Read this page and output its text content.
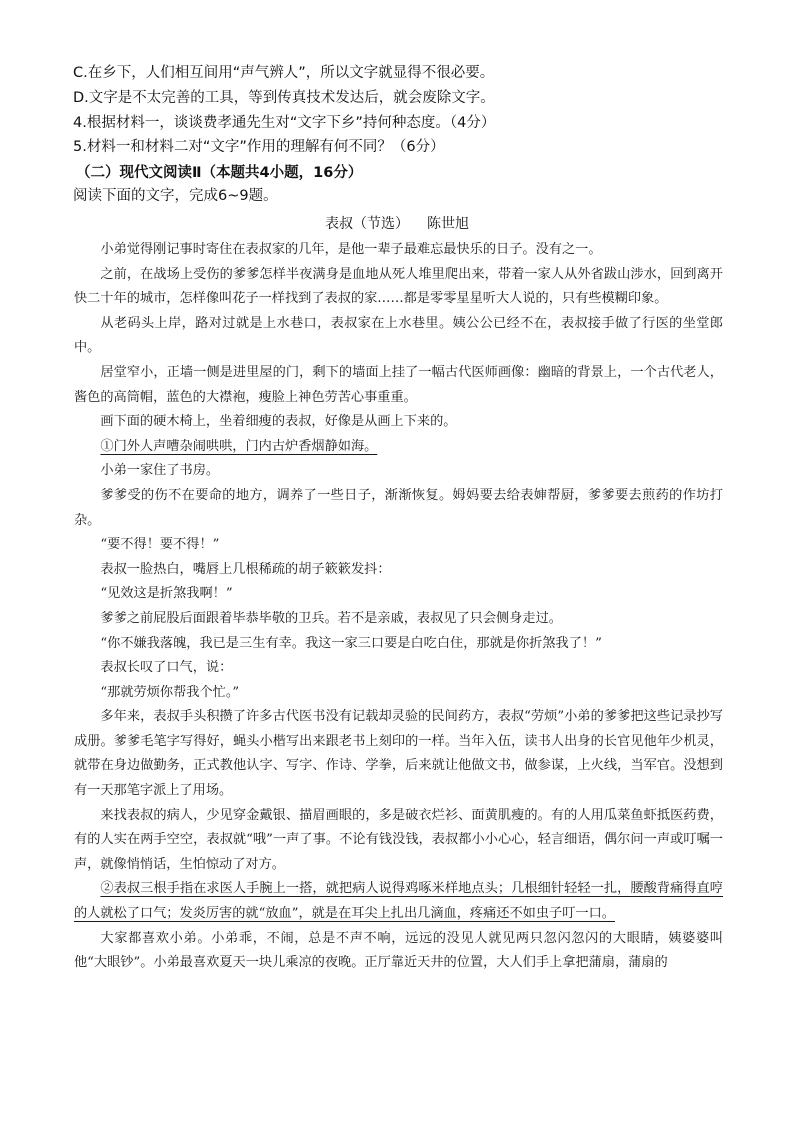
C.在乡下，人们相互间用“声气辨人”，所以文字就显得不很必要。
D.文字是不太完善的工具，等到传真技术发达后，就会废除文字。
4.根据材料一，谈谈费孝通先生对“文字下乡”持何种态度。（4分）
5.材料一和材料二对“文字”作用的理解有何不同？（6分）
（二）现代文阅读Ⅱ（本题共4小题，16分）
阅读下面的文字，完成6~9题。
表叔（节选） 陈世旭

小弟觉得刚记事时寄住在表叔家的几年，是他一辈子最难忘最快乐的日子。没有之一。

之前，在战场上受伤的爹爹怎样半夜满身是血地从死人堆里爬出来，带着一家人从外省跋山涉水，回到离开快二十年的城市，怎样像叫花子一样找到了表叔的家……都是零零星星听大人说的，只有些模糊印象。

从老码头上岸，路对过就是上水巷口，表叔家在上水巷里。姨公公已经不在，表叔接手做了行医的坐堂郎中。

居堂窄小，正墙一侧是进里屋的门，剩下的墙面上挂了一幅古代医师画像：幽暗的背景上，一个古代老人，酱色的高筒帽，蓝色的大襟袍，瘦脸上神色劳苦心事重重。

画下面的硬木椅上，坐着细瘦的表叔，好像是从画上下来的。

①门外人声嘈杂闹哄哄，门内古炉香烟静如海。

小弟一家住了书房。

爹爹受的伤不在要命的地方，调养了一些日子，渐渐恢复。姆妈要去给表婶帮厨，爹爹要去煎药的作坊打杂。

“要不得！要不得！”

表叔一脸热白，嘴唇上几根稀疏的胡子簌簌发抖：

“见效这是折煞我啊！”

爹爹之前屁股后面跟着毕恭毕敬的卫兵。若不是亲戚，表叔见了只会侧身走过。

“你不嫌我落魄，我已是三生有幸。我这一家三口要是白吃白住，那就是你折煞我了！”

表叔长叹了口气，说：

“那就劳烦你帮我个忙。”

多年来，表叔手头积攒了许多古代医书没有记载却灵验的民间药方，表叔“劳烦”小弟的爹爹把这些记录抄写成册。爹爹毛笔字写得好，蝇头小楷写出来跟老书上刻印的一样。当年入伍，读书人出身的长官见他年少机灵，就带在身边做勤务，正式教他认字、写字、作诗、学拳，后来就让他做文书，做参谋，上火线，当军官。没想到有一天那笔字派上了用场。

来找表叔的病人，少见穿金戴银、描眉画眼的，多是破衣烂衫、面黄肌瘦的。有的人用瓜菜鱼虾抵医药费，有的人实在两手空空，表叔就“哦”一声了事。不论有钱没钱，表叔都小小心心，轻言细语，偶尔问一声或叮嘱一声，就像悄悄话，生怕惊动了对方。

②表叔三根手指在求医人手腕上一搭，就把病人说得鸡啄米样地点头；几根细针轻轻一扎，腰酸背痛得直哼的人就松了口气；发炎厉害的就“放血”，就是在耳尖上扎出几滴血，疼痛还不如虫子叮一口。

大家都喜欢小弟。小弟乖，不闹，总是不声不响，远远的没见人就见两只忽闪忽闪的大眼睛，姨婆婆叫他“大眼钞”。小弟最喜欢夏天一块儿乘凉的夜晚。正厅靠近天井的位置，大人们手上拿把蒲扇，蒲扇的
